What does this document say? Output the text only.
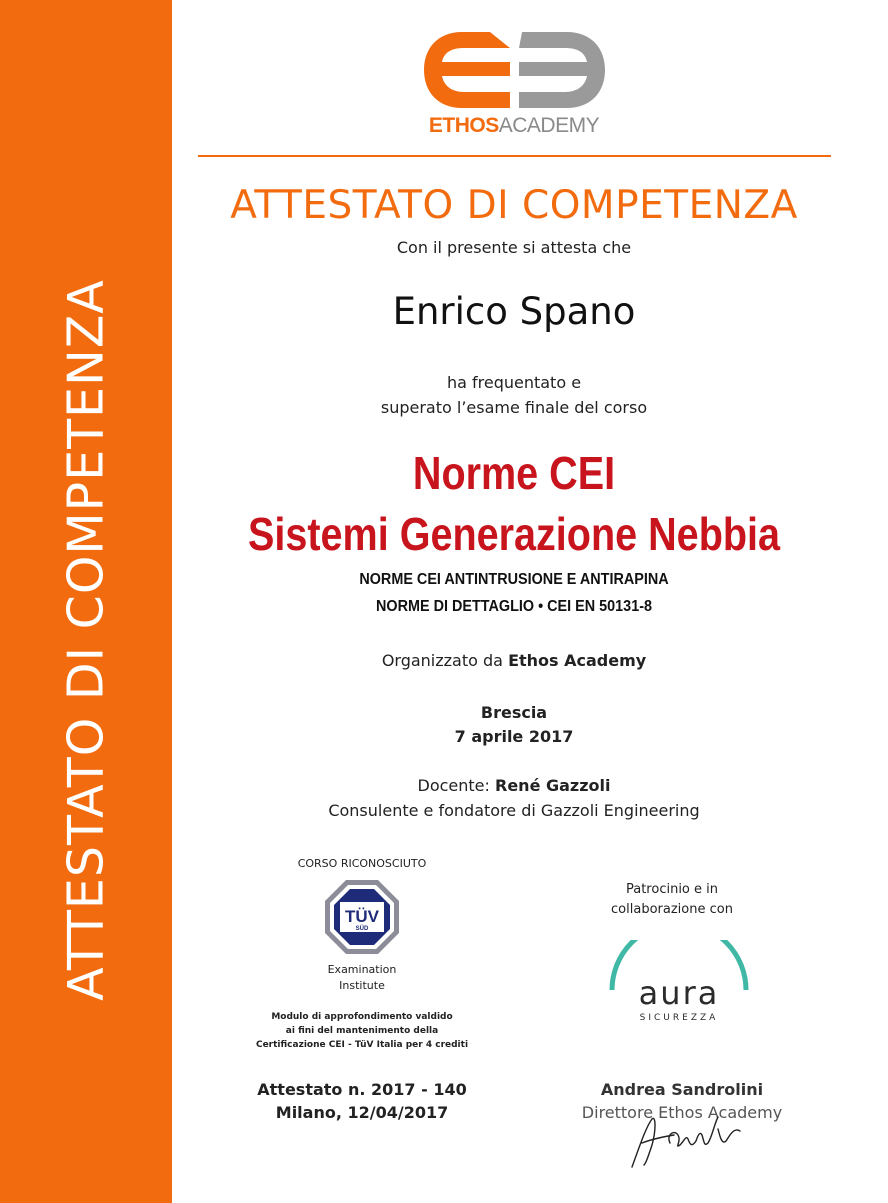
ATTESTATO DI COMPETENZA
ETHOSACADEMY
ATTESTATO DI COMPETENZA
Con il presente si attesta che
Enrico Spano
ha frequentato e
superato l’esame finale del corso
Norme CEI
Sistemi Generazione Nebbia
NORME CEI ANTINTRUSIONE E ANTIRAPINA
NORME DI DETTAGLIO • CEI EN 50131-8
Organizzato da Ethos Academy
Brescia
7 aprile 2017
Docente: René Gazzoli
Consulente e fondatore di Gazzoli Engineering
CORSO RICONOSCIUTO
TÜV
SÜD
Examination
Institute
Modulo di approfondimento valdido
ai fini del mantenimento della
Certificazione CEI - TüV Italia per 4 crediti
Patrocinio e in
collaborazione con
aura
SICUREZZA
Attestato n. 2017 - 140
Milano, 12/04/2017
Andrea Sandrolini
Direttore Ethos Academy
